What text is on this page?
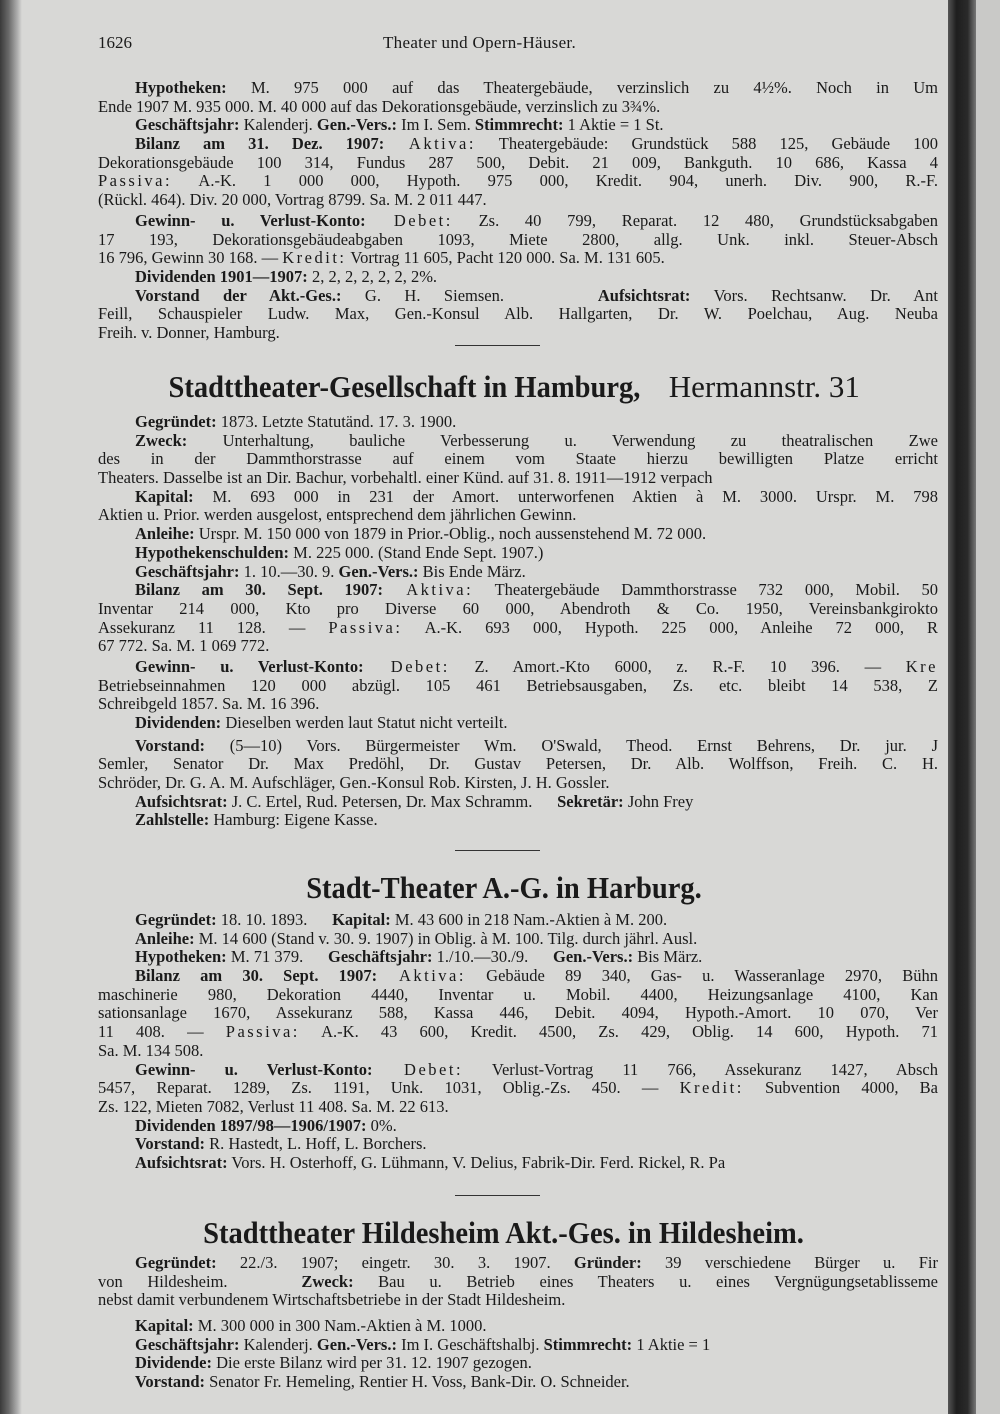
1626	Theater und Opern-Häuser.
Stadttheater-Gesellschaft in Hamburg, Hermannstr. 31
Stadt-Theater A.-G. in Harburg.
Stadttheater Hildesheim Akt.-Ges. in Hildesheim.
Hypotheken: M. 975 000 auf das Theatergebäude, verzinslich zu 4½%. Noch in Um
Ende 1907 M. 935 000. M. 40 000 auf das Dekorationsgebäude, verzinslich zu 3¾%.
Geschäftsjahr: Kalenderj. Gen.-Vers.: Im I. Sem. Stimmrecht: 1 Aktie = 1 St.
Bilanz am 31. Dez. 1907: Aktiva: Theatergebäude: Grundstück 588 125, Gebäude 100
Dekorationsgebäude 100 314, Fundus 287 500, Debit. 21 009, Bankguth. 10 686, Kassa 4
Passiva: A.-K. 1 000 000, Hypoth. 975 000, Kredit. 904, unerh. Div. 900, R.-F.
(Rückl. 464). Div. 20 000, Vortrag 8799. Sa. M. 2 011 447.
Gewinn- u. Verlust-Konto: Debet: Zs. 40 799, Reparat. 12 480, Grundstücksabgaben
17 193, Dekorationsgebäudeabgaben 1093, Miete 2800, allg. Unk. inkl. Steuer-Absch
16 796, Gewinn 30 168. — Kredit: Vortrag 11 605, Pacht 120 000. Sa. M. 131 605.
Dividenden 1901—1907: 2, 2, 2, 2, 2, 2, 2%.
Vorstand der Akt.-Ges.: G. H. Siemsen.    Aufsichtsrat: Vors. Rechtsanw. Dr. Ant
Feill, Schauspieler Ludw. Max, Gen.-Konsul Alb. Hallgarten, Dr. W. Poelchau, Aug. Neuba
Freih. v. Donner, Hamburg.
Gegründet: 1873. Letzte Statutänd. 17. 3. 1900.
Zweck: Unterhaltung, bauliche Verbesserung u. Verwendung zu theatralischen Zwe
des in der Dammthorstrasse auf einem vom Staate hierzu bewilligten Platze erricht
Theaters. Dasselbe ist an Dir. Bachur, vorbehaltl. einer Künd. auf 31. 8. 1911—1912 verpach
Kapital: M. 693 000 in 231 der Amort. unterworfenen Aktien à M. 3000. Urspr. M. 798
Aktien u. Prior. werden ausgelost, entsprechend dem jährlichen Gewinn.
Anleihe: Urspr. M. 150 000 von 1879 in Prior.-Oblig., noch aussenstehend M. 72 000.
Hypothekenschulden: M. 225 000. (Stand Ende Sept. 1907.)
Geschäftsjahr: 1. 10.—30. 9. Gen.-Vers.: Bis Ende März.
Bilanz am 30. Sept. 1907: Aktiva: Theatergebäude Dammthorstrasse 732 000, Mobil. 50
Inventar 214 000, Kto pro Diverse 60 000, Abendroth & Co. 1950, Vereinsbankgirokto
Assekuranz 11 128. — Passiva: A.-K. 693 000, Hypoth. 225 000, Anleihe 72 000, R
67 772. Sa. M. 1 069 772.
Gewinn- u. Verlust-Konto: Debet: Z. Amort.-Kto 6000, z. R.-F. 10 396. — Kre
Betriebseinnahmen 120 000 abzügl. 105 461 Betriebsausgaben, Zs. etc. bleibt 14 538, Z
Schreibgeld 1857. Sa. M. 16 396.
Dividenden: Dieselben werden laut Statut nicht verteilt.
Vorstand: (5—10) Vors. Bürgermeister Wm. O'Swald, Theod. Ernst Behrens, Dr. jur. J
Semler, Senator Dr. Max Predöhl, Dr. Gustav Petersen, Dr. Alb. Wolffson, Freih. C. H.
Schröder, Dr. G. A. M. Aufschläger, Gen.-Konsul Rob. Kirsten, J. H. Gossler.
Aufsichtsrat: J. C. Ertel, Rud. Petersen, Dr. Max Schramm.      Sekretär: John Frey
Zahlstelle: Hamburg: Eigene Kasse.
Gegründet: 18. 10. 1893.      Kapital: M. 43 600 in 218 Nam.-Aktien à M. 200.
Anleihe: M. 14 600 (Stand v. 30. 9. 1907) in Oblig. à M. 100. Tilg. durch jährl. Ausl.
Hypotheken: M. 71 379.      Geschäftsjahr: 1./10.—30./9.      Gen.-Vers.: Bis März.
Bilanz am 30. Sept. 1907: Aktiva: Gebäude 89 340, Gas- u. Wasseranlage 2970, Bühn
maschinerie 980, Dekoration 4440, Inventar u. Mobil. 4400, Heizungsanlage 4100, Kan
sationsanlage 1670, Assekuranz 588, Kassa 446, Debit. 4094, Hypoth.-Amort. 10 070, Ver
11 408. — Passiva: A.-K. 43 600, Kredit. 4500, Zs. 429, Oblig. 14 600, Hypoth. 71
Sa. M. 134 508.
Gewinn- u. Verlust-Konto: Debet: Verlust-Vortrag 11 766, Assekuranz 1427, Absch
5457, Reparat. 1289, Zs. 1191, Unk. 1031, Oblig.-Zs. 450. — Kredit: Subvention 4000, Ba
Zs. 122, Mieten 7082, Verlust 11 408. Sa. M. 22 613.
Dividenden 1897/98—1906/1907: 0%.
Vorstand: R. Hastedt, L. Hoff, L. Borchers.
Aufsichtsrat: Vors. H. Osterhoff, G. Lühmann, V. Delius, Fabrik-Dir. Ferd. Rickel, R. Pa
Gegründet: 22./3. 1907; eingetr. 30. 3. 1907. Gründer: 39 verschiedene Bürger u. Fir
von Hildesheim.   Zweck: Bau u. Betrieb eines Theaters u. eines Vergnügungsetablisseme
nebst damit verbundenem Wirtschaftsbetriebe in der Stadt Hildesheim.
Kapital: M. 300 000 in 300 Nam.-Aktien à M. 1000.
Geschäftsjahr: Kalenderj. Gen.-Vers.: Im I. Geschäftshalbj. Stimmrecht: 1 Aktie = 1
Dividende: Die erste Bilanz wird per 31. 12. 1907 gezogen.
Vorstand: Senator Fr. Hemeling, Rentier H. Voss, Bank-Dir. O. Schneider.
